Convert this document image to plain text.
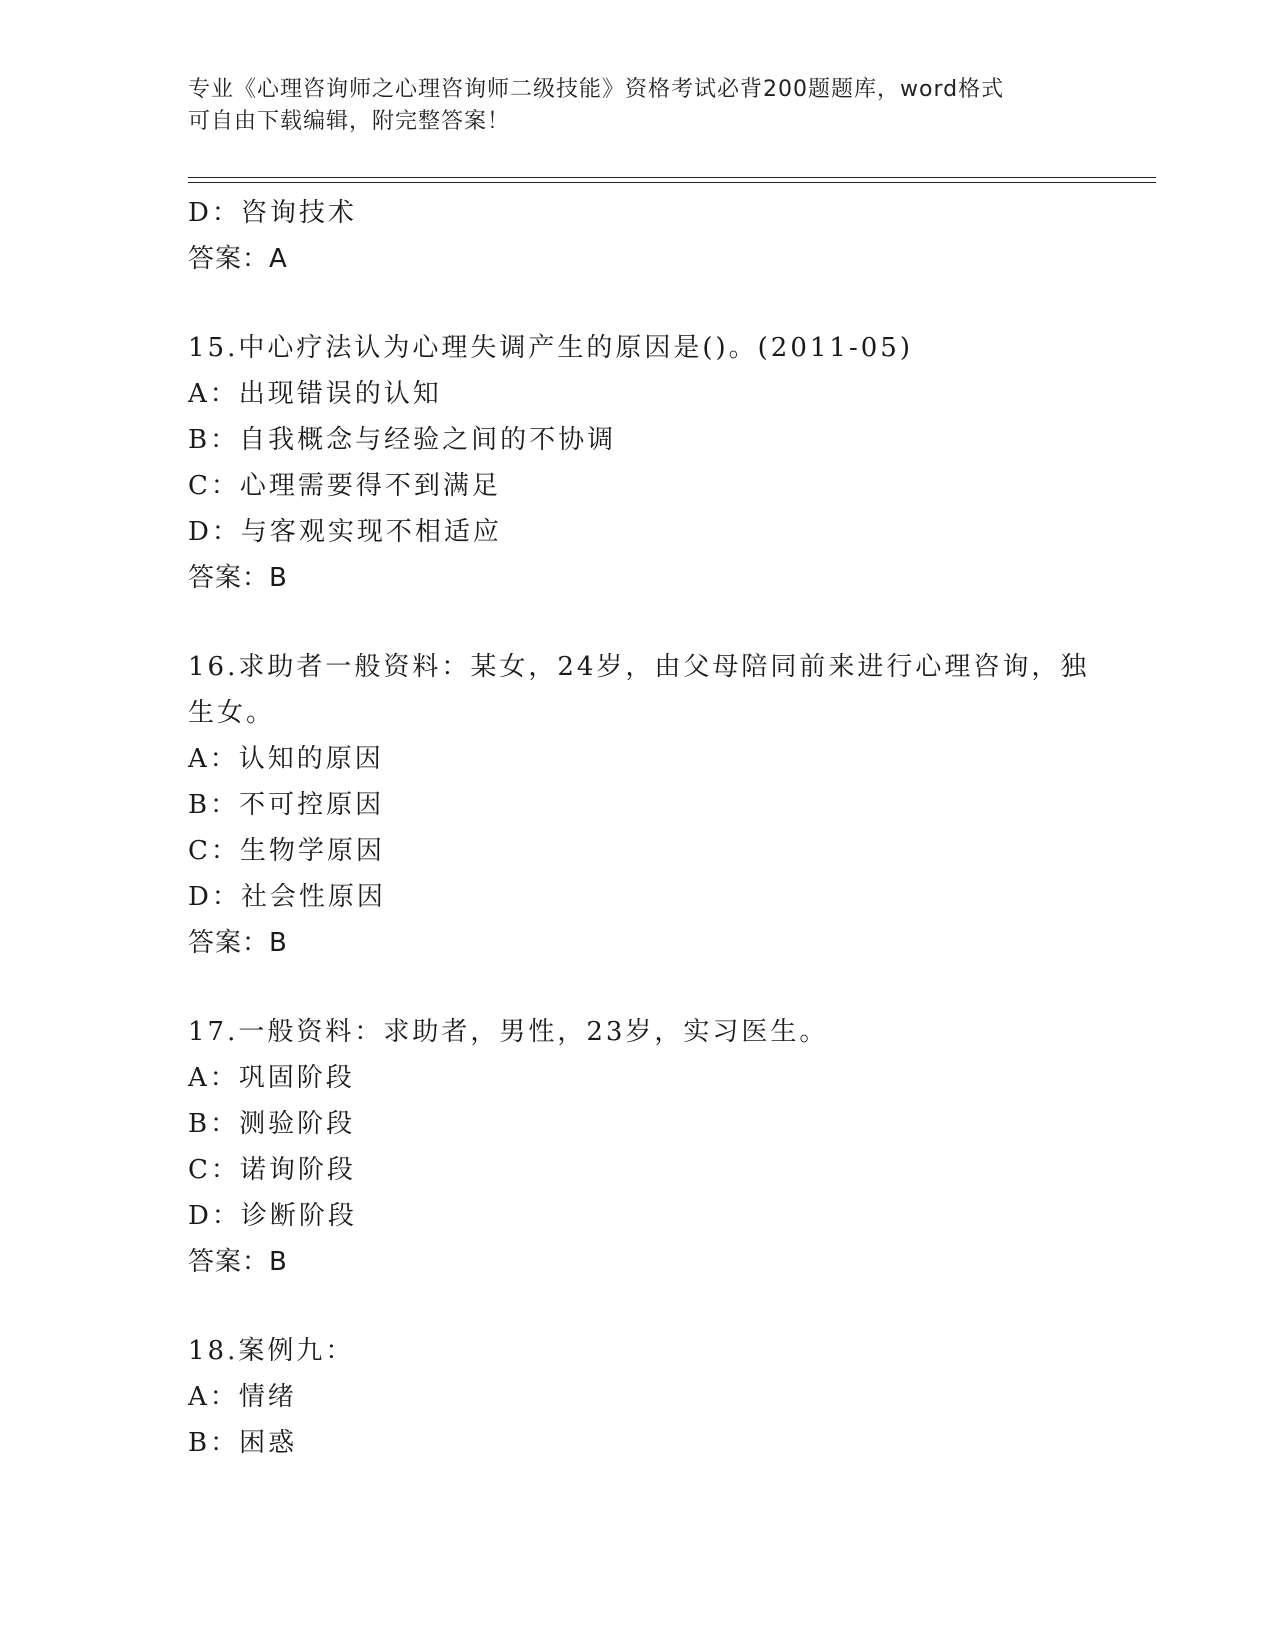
专业《心理咨询师之心理咨询师二级技能》资格考试必背200题题库，word格式
可自由下载编辑，附完整答案！
D：咨询技术
答案：A
15.中心疗法认为心理失调产生的原因是()。(2011-05)
A：出现错误的认知
B：自我概念与经验之间的不协调
C：心理需要得不到满足
D：与客观实现不相适应
答案：B
16.求助者一般资料：某女，24岁，由父母陪同前来进行心理咨询，独
生女。
A：认知的原因
B：不可控原因
C：生物学原因
D：社会性原因
答案：B
17.一般资料：求助者，男性，23岁，实习医生。
A：巩固阶段
B：测验阶段
C：诺询阶段
D：诊断阶段
答案：B
18.案例九：
A：情绪
B：困惑
